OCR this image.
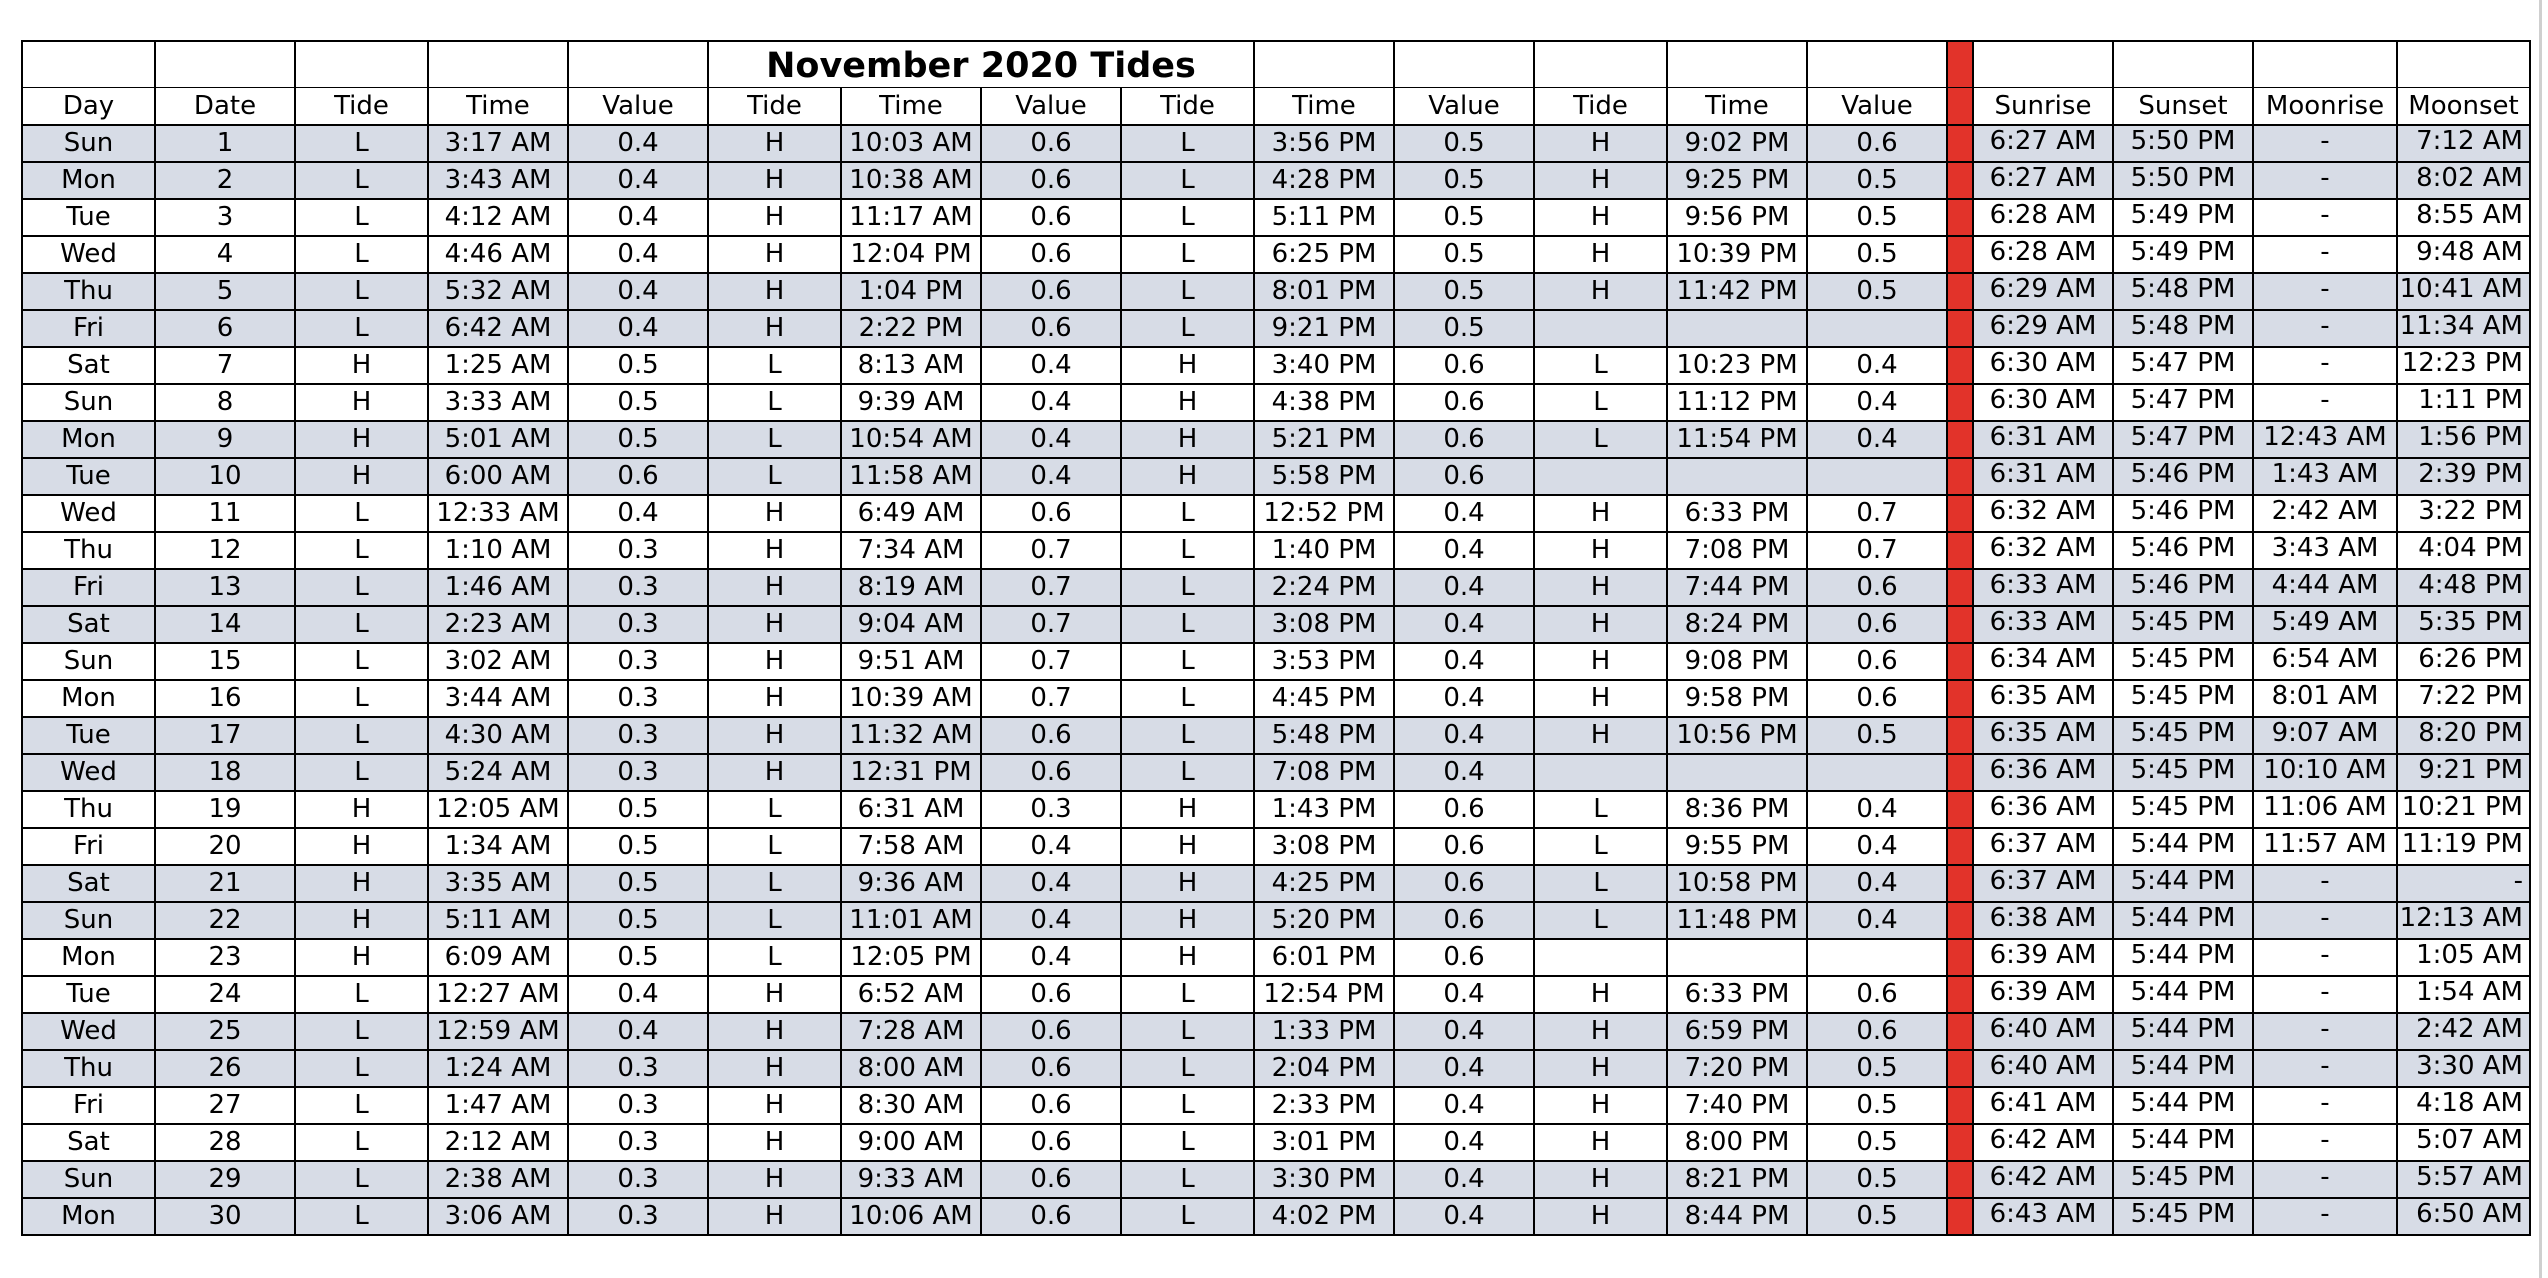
					November 2020 Tides													
Day	Date	Tide	Time	Value	Tide	Time	Value	Tide	Time	Value	Tide	Time	Value		Sunrise	Sunset	Moonrise	Moonset
Sun	1	L	3:17 AM	0.4	H	10:03 AM	0.6	L	3:56 PM	0.5	H	9:02 PM	0.6		6:27 AM	5:50 PM	-	7:12 AM
Mon	2	L	3:43 AM	0.4	H	10:38 AM	0.6	L	4:28 PM	0.5	H	9:25 PM	0.5		6:27 AM	5:50 PM	-	8:02 AM
Tue	3	L	4:12 AM	0.4	H	11:17 AM	0.6	L	5:11 PM	0.5	H	9:56 PM	0.5		6:28 AM	5:49 PM	-	8:55 AM
Wed	4	L	4:46 AM	0.4	H	12:04 PM	0.6	L	6:25 PM	0.5	H	10:39 PM	0.5		6:28 AM	5:49 PM	-	9:48 AM
Thu	5	L	5:32 AM	0.4	H	1:04 PM	0.6	L	8:01 PM	0.5	H	11:42 PM	0.5		6:29 AM	5:48 PM	-	10:41 AM
Fri	6	L	6:42 AM	0.4	H	2:22 PM	0.6	L	9:21 PM	0.5					6:29 AM	5:48 PM	-	11:34 AM
Sat	7	H	1:25 AM	0.5	L	8:13 AM	0.4	H	3:40 PM	0.6	L	10:23 PM	0.4		6:30 AM	5:47 PM	-	12:23 PM
Sun	8	H	3:33 AM	0.5	L	9:39 AM	0.4	H	4:38 PM	0.6	L	11:12 PM	0.4		6:30 AM	5:47 PM	-	1:11 PM
Mon	9	H	5:01 AM	0.5	L	10:54 AM	0.4	H	5:21 PM	0.6	L	11:54 PM	0.4		6:31 AM	5:47 PM	12:43 AM	1:56 PM
Tue	10	H	6:00 AM	0.6	L	11:58 AM	0.4	H	5:58 PM	0.6					6:31 AM	5:46 PM	1:43 AM	2:39 PM
Wed	11	L	12:33 AM	0.4	H	6:49 AM	0.6	L	12:52 PM	0.4	H	6:33 PM	0.7		6:32 AM	5:46 PM	2:42 AM	3:22 PM
Thu	12	L	1:10 AM	0.3	H	7:34 AM	0.7	L	1:40 PM	0.4	H	7:08 PM	0.7		6:32 AM	5:46 PM	3:43 AM	4:04 PM
Fri	13	L	1:46 AM	0.3	H	8:19 AM	0.7	L	2:24 PM	0.4	H	7:44 PM	0.6		6:33 AM	5:46 PM	4:44 AM	4:48 PM
Sat	14	L	2:23 AM	0.3	H	9:04 AM	0.7	L	3:08 PM	0.4	H	8:24 PM	0.6		6:33 AM	5:45 PM	5:49 AM	5:35 PM
Sun	15	L	3:02 AM	0.3	H	9:51 AM	0.7	L	3:53 PM	0.4	H	9:08 PM	0.6		6:34 AM	5:45 PM	6:54 AM	6:26 PM
Mon	16	L	3:44 AM	0.3	H	10:39 AM	0.7	L	4:45 PM	0.4	H	9:58 PM	0.6		6:35 AM	5:45 PM	8:01 AM	7:22 PM
Tue	17	L	4:30 AM	0.3	H	11:32 AM	0.6	L	5:48 PM	0.4	H	10:56 PM	0.5		6:35 AM	5:45 PM	9:07 AM	8:20 PM
Wed	18	L	5:24 AM	0.3	H	12:31 PM	0.6	L	7:08 PM	0.4					6:36 AM	5:45 PM	10:10 AM	9:21 PM
Thu	19	H	12:05 AM	0.5	L	6:31 AM	0.3	H	1:43 PM	0.6	L	8:36 PM	0.4		6:36 AM	5:45 PM	11:06 AM	10:21 PM
Fri	20	H	1:34 AM	0.5	L	7:58 AM	0.4	H	3:08 PM	0.6	L	9:55 PM	0.4		6:37 AM	5:44 PM	11:57 AM	11:19 PM
Sat	21	H	3:35 AM	0.5	L	9:36 AM	0.4	H	4:25 PM	0.6	L	10:58 PM	0.4		6:37 AM	5:44 PM	-	-
Sun	22	H	5:11 AM	0.5	L	11:01 AM	0.4	H	5:20 PM	0.6	L	11:48 PM	0.4		6:38 AM	5:44 PM	-	12:13 AM
Mon	23	H	6:09 AM	0.5	L	12:05 PM	0.4	H	6:01 PM	0.6					6:39 AM	5:44 PM	-	1:05 AM
Tue	24	L	12:27 AM	0.4	H	6:52 AM	0.6	L	12:54 PM	0.4	H	6:33 PM	0.6		6:39 AM	5:44 PM	-	1:54 AM
Wed	25	L	12:59 AM	0.4	H	7:28 AM	0.6	L	1:33 PM	0.4	H	6:59 PM	0.6		6:40 AM	5:44 PM	-	2:42 AM
Thu	26	L	1:24 AM	0.3	H	8:00 AM	0.6	L	2:04 PM	0.4	H	7:20 PM	0.5		6:40 AM	5:44 PM	-	3:30 AM
Fri	27	L	1:47 AM	0.3	H	8:30 AM	0.6	L	2:33 PM	0.4	H	7:40 PM	0.5		6:41 AM	5:44 PM	-	4:18 AM
Sat	28	L	2:12 AM	0.3	H	9:00 AM	0.6	L	3:01 PM	0.4	H	8:00 PM	0.5		6:42 AM	5:44 PM	-	5:07 AM
Sun	29	L	2:38 AM	0.3	H	9:33 AM	0.6	L	3:30 PM	0.4	H	8:21 PM	0.5		6:42 AM	5:45 PM	-	5:57 AM
Mon	30	L	3:06 AM	0.3	H	10:06 AM	0.6	L	4:02 PM	0.4	H	8:44 PM	0.5		6:43 AM	5:45 PM	-	6:50 AM
